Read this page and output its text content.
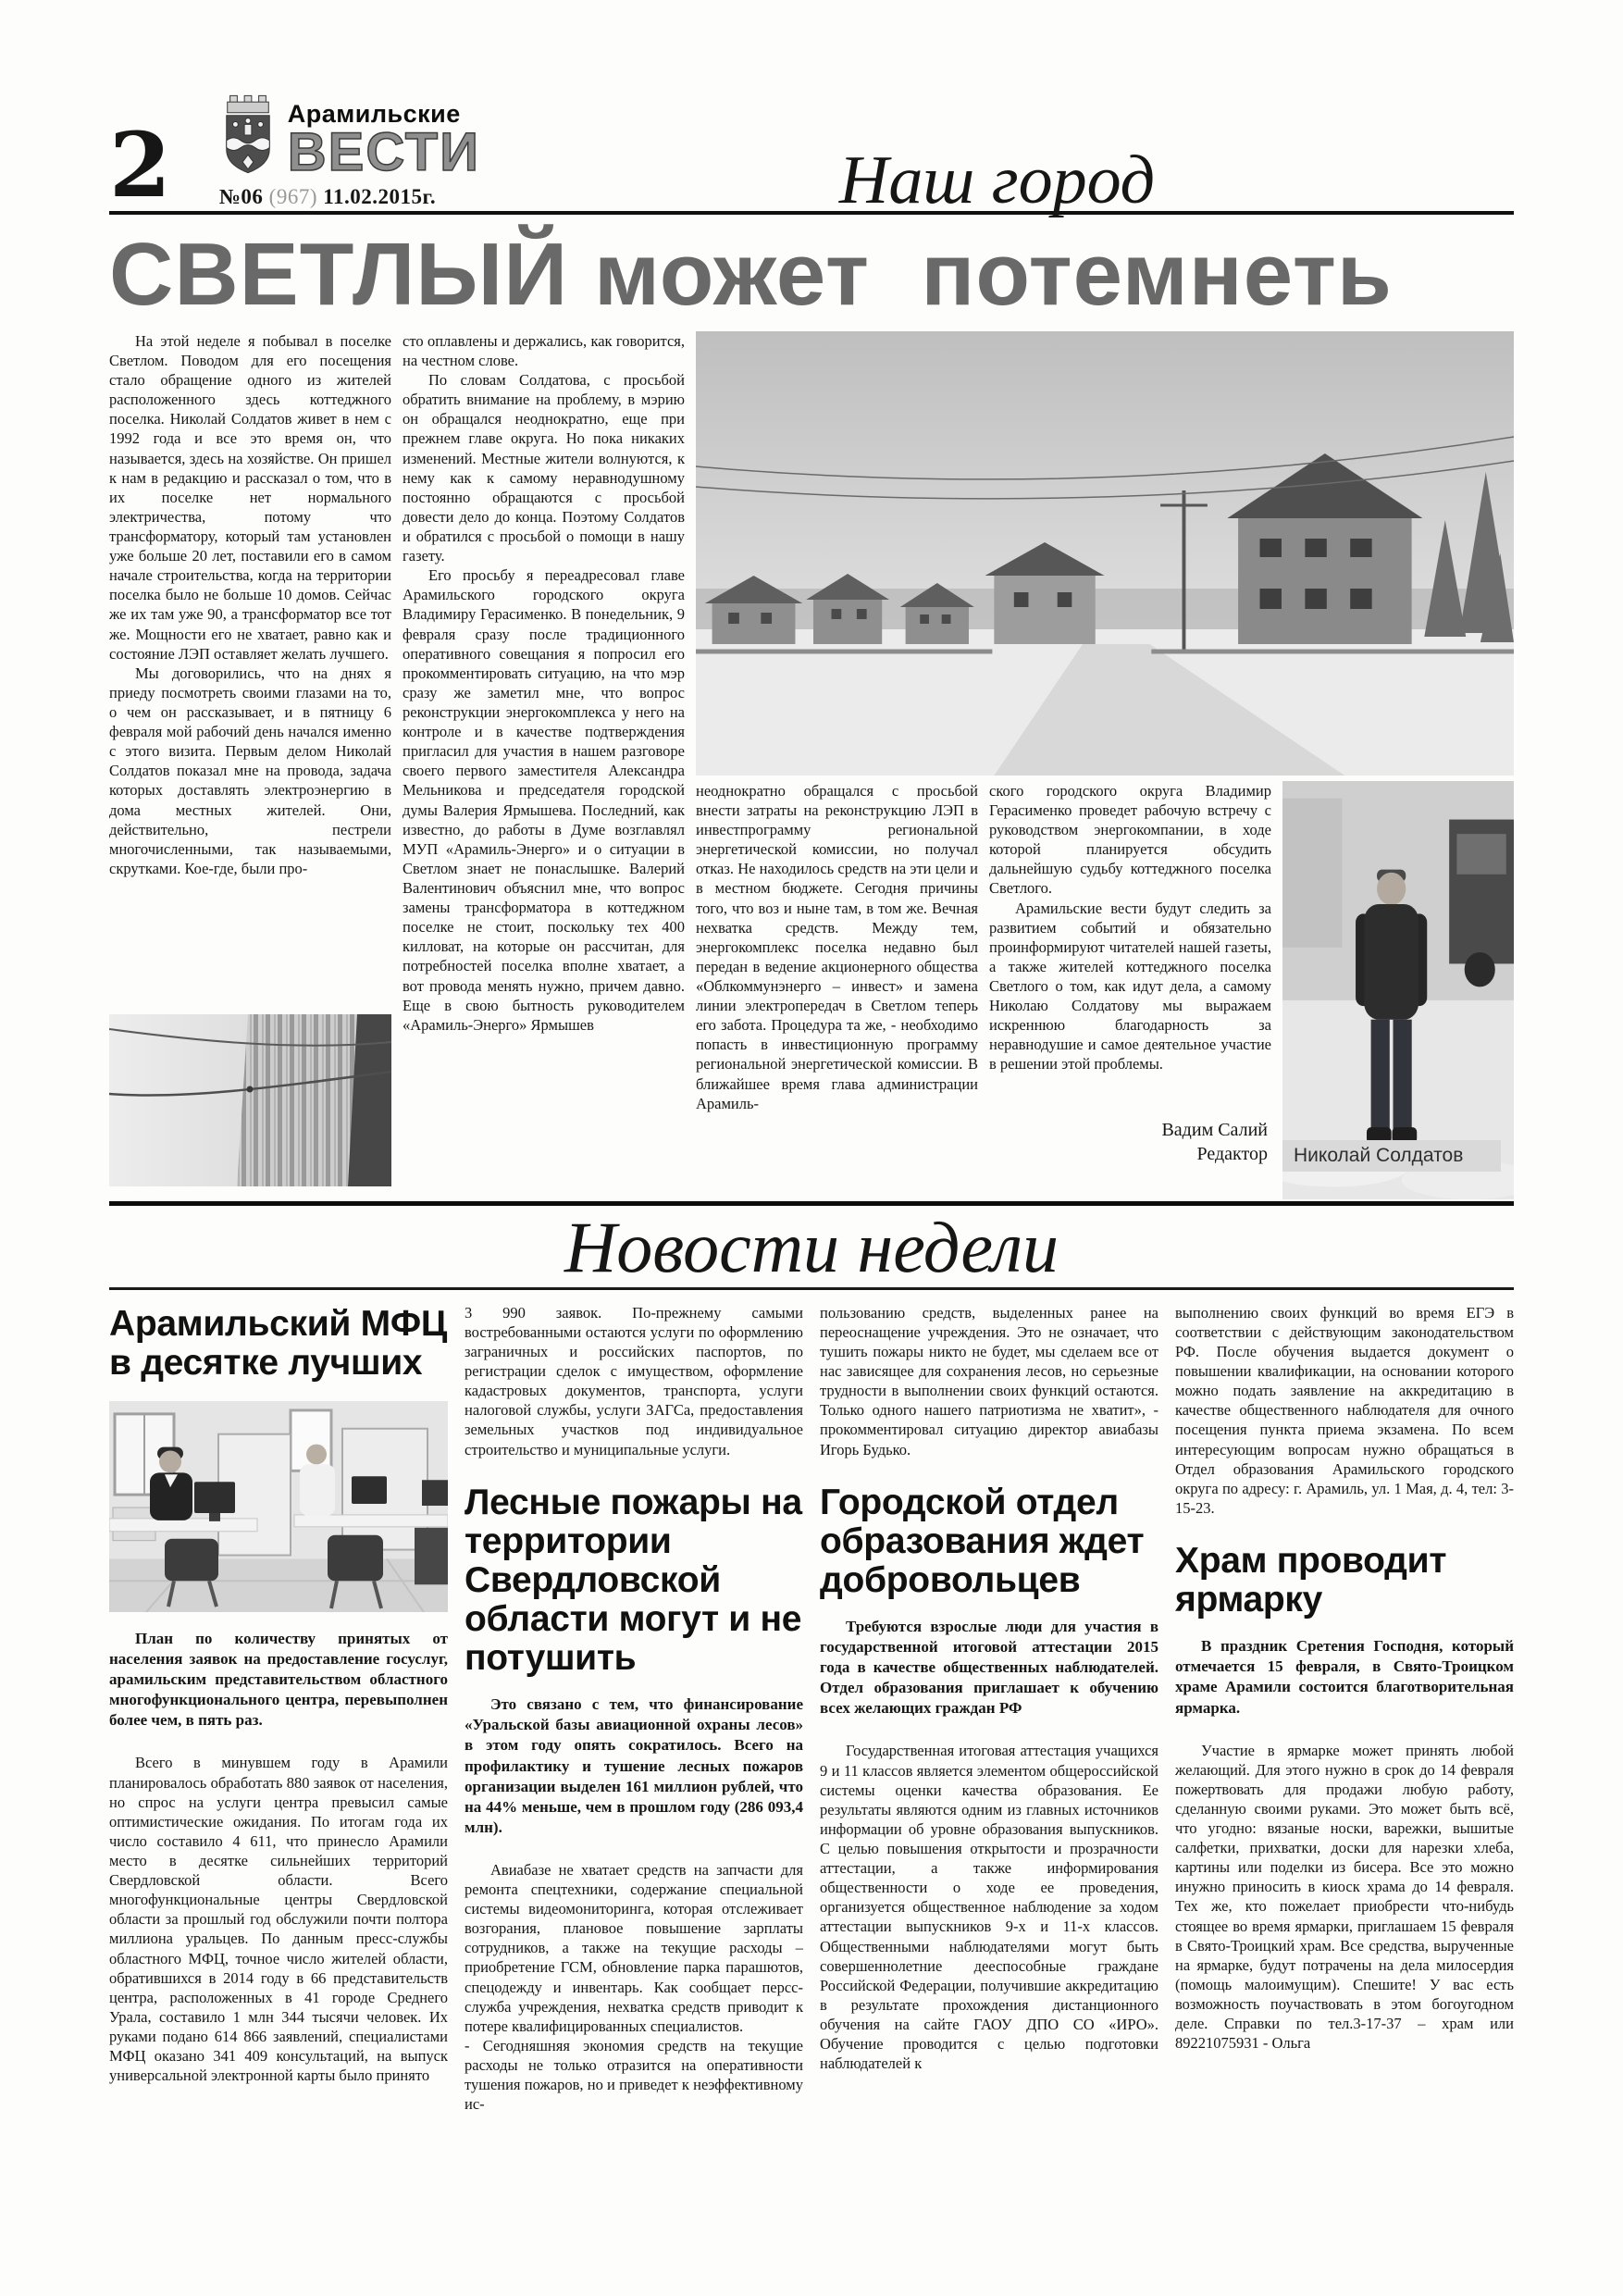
2	Арамильские
ВЕСТИ
№06 (967) 11.02.2015г.	Наш город
СВЕТЛЫЙ может  потемнеть

На этой неделе я побывал в поселке Светлом. Поводом для его посещения стало обращение одного из жителей расположенного здесь коттеджного поселка. Николай Солдатов живет в нем с 1992 года и все это время он, что называется, здесь на хозяйстве. Он пришел к нам в редакцию и рассказал о том, что в их поселке нет нормального электричества, потому что трансформатору, который там установлен уже больше 20 лет, поставили его в самом начале строительства, когда на территории поселка было не больше 10 домов. Сейчас же их там уже 90, а трансформатор все тот же. Мощности его не хватает, равно как и состояние ЛЭП оставляет желать лучшего.

Мы договорились, что на днях я приеду посмотреть своими глазами на то, о чем он рассказывает, и в пятницу 6 февраля мой рабочий день начался именно с этого визита. Первым делом Николай Солдатов показал мне на провода, задача которых доставлять электроэнергию в дома местных жителей. Они, действительно, пестрели многочисленными, так называемыми, скрутками. Кое-где, были про-

сто оплавлены и держались, как говорится, на честном слове.

По словам Солдатова, с просьбой обратить внимание на проблему, в мэрию он обращался неоднократно, еще при прежнем главе округа. Но пока никаких изменений. Местные жители волнуются, к нему как к самому неравнодушному постоянно обращаются с просьбой довести дело до конца. Поэтому Солдатов и обратился с просьбой о помощи в нашу газету.

Его просьбу я переадресовал главе Арамильского городского округа Владимиру Герасименко. В понедельник, 9 февраля сразу после традиционного оперативного совещания я попросил его прокомментировать ситуацию, на что мэр сразу же заметил мне, что вопрос реконструкции энергокомплекса у него на контроле и в качестве подтверждения пригласил для участия в нашем разговоре своего первого заместителя Александра Мельникова и председателя городской думы Валерия Ярмышева. Последний, как известно, до работы в Думе возглавлял МУП «Арамиль-Энерго» и о ситуации в Светлом знает не понаслышке. Валерий Валентинович объяснил мне, что вопрос замены трансформатора в коттеджном поселке не стоит, поскольку тех 400 килловат, на которые он рассчитан, для потребностей поселка вполне хватает, а вот провода менять нужно, причем давно. Еще в свою бытность руководителем «Арамиль-Энерго» Ярмышев

неоднократно обращался с просьбой внести затраты на реконструкцию ЛЭП в инвестпрограмму региональной энергетической комиссии, но получал отказ. Не находилось средств на эти цели и в местном бюджете. Сегодня причины того, что воз и ныне там, в том же. Вечная нехватка средств. Между тем, энергокомплекс поселка недавно был передан в ведение акционерного общества «Облкоммунэнерго – инвест» и замена линии электропередач в Светлом теперь его забота. Процедура та же, - необходимо попасть в инвестиционную программу региональной энергетической комиссии. В ближайшее время глава администрации Арамиль-

ского городского округа Владимир Герасименко проведет рабочую встречу с руководством энергокомпании, в ходе которой планируется обсудить дальнейшую судьбу коттеджного поселка Светлого.

Арамильские вести будут следить за развитием событий и обязательно проинформируют читателей нашей газеты, а также жителей коттеджного поселка Светлого о том, как идут дела, а самому Николаю Солдатову мы выражаем искреннюю благодарность за неравнодушие и самое деятельное участие в решении этой проблемы.

Вадим Салий
Редактор	Николай Солдатов
Новости недели
Арамильский МФЦ в десятке лучших

План по количеству принятых от населения заявок на предоставление госуслуг, арамильским представительством областного многофункционального центра, перевыполнен более чем, в пять раз.

Всего в минувшем году в Арамили планировалось обработать 880 заявок от населения, но спрос на услуги центра превысил самые оптимистические ожидания. По итогам года их число составило 4 611, что принесло Арамили место в десятке сильнейших территорий Свердловской области. Всего многофункциональные центры Свердловской области за прошлый год обслужили почти полтора миллиона уральцев. По данным пресс-службы областного МФЦ, точное число жителей области, обратившихся в 2014 году в 66 представительств центра, расположенных в 41 городе Среднего Урала, составило 1 млн 344 тысячи человек. Их руками подано 614 866 заявлений, специалистами МФЦ оказано 341 409 консультаций, на выпуск универсальной электронной карты было принято

3 990 заявок. По-прежнему самыми востребованными остаются услуги по оформлению заграничных и российских паспортов, по регистрации сделок с имуществом, оформление кадастровых документов, транспорта, услуги налоговой службы, услуги ЗАГСа, предоставления земельных участков под индивидуальное строительство и муниципальные услуги.

Лесные пожары на территории Свердловской области могут и не потушить

Это связано с тем, что финансирование «Уральской базы авиационной охраны лесов» в этом году опять сократилось. Всего на профилактику и тушение лесных пожаров организации выделен 161 миллион рублей, что на 44% меньше, чем в прошлом году (286 093,4 млн).

Авиабазе не хватает средств на запчасти для ремонта спецтехники, содержание специальной системы видеомониторинга, которая отслеживает возгорания, плановое повышение зарплаты сотрудников, а также на текущие расходы – приобретение ГСМ, обновление парка парашютов, спецодежду и инвентарь. Как сообщает персс-служба учреждения, нехватка средств приводит к потере квалифицированных специалистов.

- Сегодняшняя экономия средств на текущие расходы не только отразится на оперативности тушения пожаров, но и приведет к неэффективному ис-

пользованию средств, выделенных ранее на переоснащение учреждения. Это не означает, что тушить пожары никто не будет, мы сделаем все от нас зависящее для сохранения лесов, но серьезные трудности в выполнении своих функций остаются. Только одного нашего патриотизма не хватит», - прокомментировал ситуацию директор авиабазы Игорь Будько.

Городской отдел образования ждет добровольцев

Требуются взрослые люди для участия в государственной итоговой аттестации 2015 года в качестве общественных наблюдателей. Отдел образования приглашает к обучению всех желающих граждан РФ

Государственная итоговая аттестация учащихся 9 и 11 классов является элементом общероссийской системы оценки качества образования. Ее результаты являются одним из главных источников информации об уровне образования выпускников. С целью повышения открытости и прозрачности аттестации, а также информирования общественности о ходе ее проведения, организуется общественное наблюдение за ходом аттестации выпускников 9-х и 11-х классов. Общественными наблюдателями могут быть совершеннолетние дееспособные граждане Российской Федерации, получившие аккредитацию в результате прохождения дистанционного обучения на сайте ГАОУ ДПО СО «ИРО». Обучение проводится с целью подготовки наблюдателей к

выполнению своих функций во время ЕГЭ в соответствии с действующим законодательством РФ. После обучения выдается документ о повышении квалификации, на основании которого можно подать заявление на аккредитацию в качестве общественного наблюдателя для очного посещения пункта приема экзамена. По всем интересующим вопросам нужно обращаться в Отдел образования Арамильского городского округа по адресу: г. Арамиль, ул. 1 Мая, д. 4, тел: 3-15-23.

Храм проводит ярмарку

В праздник Сретения Господня, который отмечается 15 февраля, в Свято-Троицком храме Арамили состоится благотворительная ярмарка.

Участие в ярмарке может принять любой желающий. Для этого нужно в срок до 14 февраля пожертвовать для продажи любую работу, сделанную своими руками. Это может быть всё, что угодно: вязаные носки, варежки, вышитые салфетки, прихватки, доски для нарезки хлеба, картины или поделки из бисера. Все это можно инужно приносить в киоск храма до 14 февраля. Тех же, кто пожелает приобрести что-нибудь стоящее во время ярмарки, приглашаем 15 февраля в Свято-Троицкий храм. Все средства, вырученные на ярмарке, будут потрачены на дела милосердия (помощь малоимущим). Спешите! У вас есть возможность поучаствовать в этом богоугодном деле. Справки по тел.3-17-37 – храм или 89221075931 - Ольга
